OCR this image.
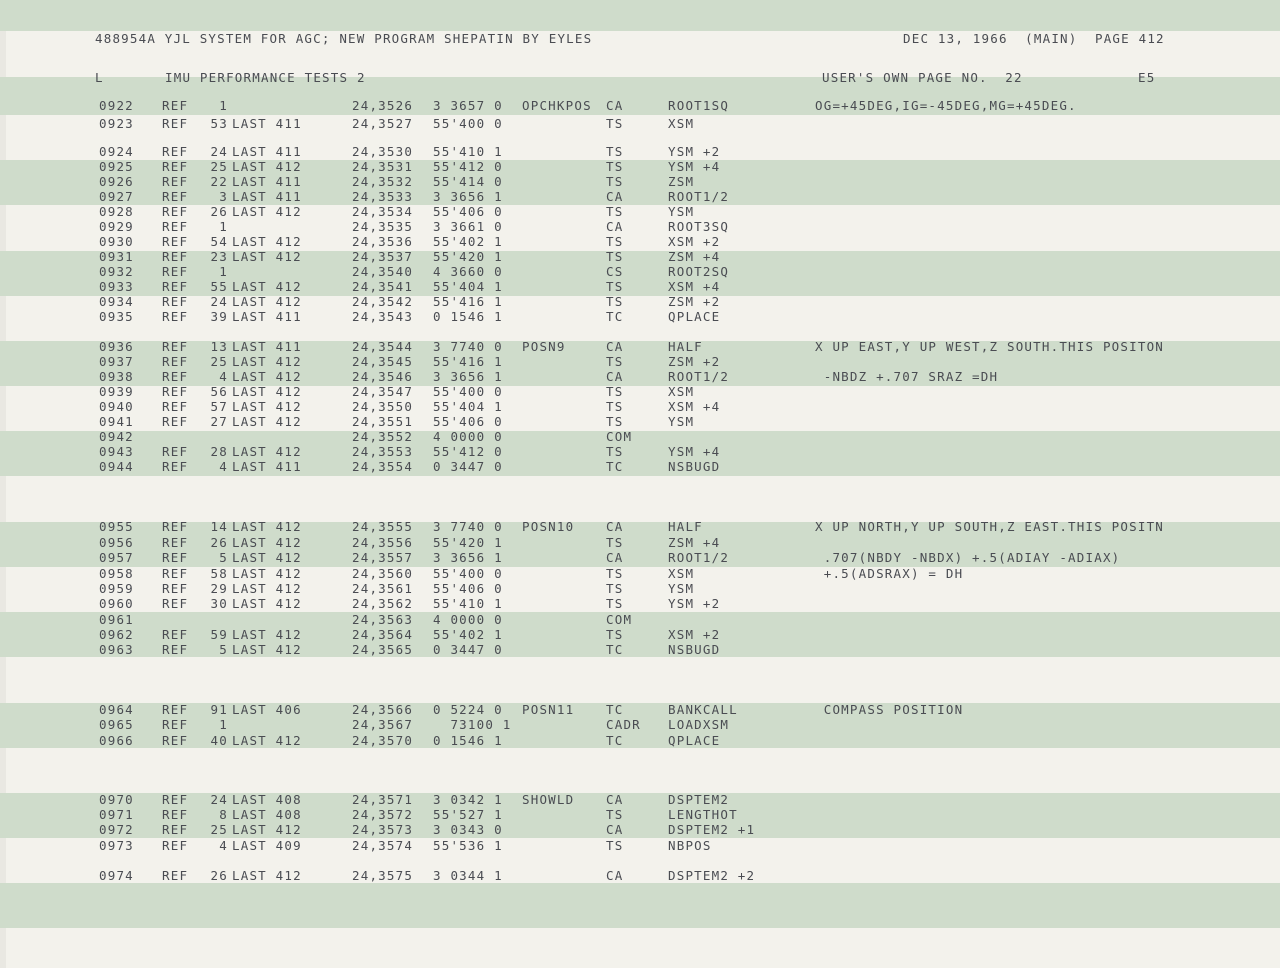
488954A YJL SYSTEM FOR AGC; NEW PROGRAM SHEPATIN BY EYLES	DEC 13, 1966  (MAIN)  PAGE 412
L	IMU PERFORMANCE TESTS 2	USER'S OWN PAGE NO.  22	E5
0922 REF	1	24,3526 3 3657 0 OPCHKPOS CA	ROOT1SQ	OG=+45DEG,IG=-45DEG,MG=+45DEG.
0923 REF	53 LAST 411	24,3527 55'400 0	TS	XSM
0924 REF	24 LAST 411	24,3530 55'410 1	TS	YSM +2
0925 REF	25 LAST 412	24,3531 55'412 0	TS	YSM +4
0926 REF	22 LAST 411	24,3532 55'414 0	TS	ZSM
0927 REF	3 LAST 411	24,3533 3 3656 1	CA	ROOT1/2
0928 REF	26 LAST 412	24,3534 55'406 0	TS	YSM
0929 REF	1	24,3535 3 3661 0	CA	ROOT3SQ
0930 REF	54 LAST 412	24,3536 55'402 1	TS	XSM +2
0931 REF	23 LAST 412	24,3537 55'420 1	TS	ZSM +4
0932 REF	1	24,3540 4 3660 0	CS	ROOT2SQ
0933 REF	55 LAST 412	24,3541 55'404 1	TS	XSM +4
0934 REF	24 LAST 412	24,3542 55'416 1	TS	ZSM +2
0935 REF	39 LAST 411	24,3543 0 1546 1	TC	QPLACE
0936 REF	13 LAST 411	24,3544 3 7740 0 POSN9	CA	HALF	X UP EAST,Y UP WEST,Z SOUTH.THIS POSITON
0937 REF	25 LAST 412	24,3545 55'416 1	TS	ZSM +2
0938 REF	4 LAST 412	24,3546 3 3656 1	CA	ROOT1/2	-NBDZ +.707 SRAZ =DH
0939 REF	56 LAST 412	24,3547 55'400 0	TS	XSM
0940 REF	57 LAST 412	24,3550 55'404 1	TS	XSM +4
0941 REF	27 LAST 412	24,3551 55'406 0	TS	YSM
0942	24,3552 4 0000 0	COM
0943 REF	28 LAST 412	24,3553 55'412 0	TS	YSM +4
0944 REF	4 LAST 411	24,3554 0 3447 0	TC	NSBUGD
0955 REF	14 LAST 412	24,3555 3 7740 0 POSN10	CA	HALF	X UP NORTH,Y UP SOUTH,Z EAST.THIS POSITN
0956 REF	26 LAST 412	24,3556 55'420 1	TS	ZSM +4
0957 REF	5 LAST 412	24,3557 3 3656 1	CA	ROOT1/2	.707(NBDY -NBDX) +.5(ADIAY -ADIAX)
0958 REF	58 LAST 412	24,3560 55'400 0	TS	XSM	+.5(ADSRAX) = DH
0959 REF	29 LAST 412	24,3561 55'406 0	TS	YSM
0960 REF	30 LAST 412	24,3562 55'410 1	TS	YSM +2
0961	24,3563 4 0000 0	COM
0962 REF	59 LAST 412	24,3564 55'402 1	TS	XSM +2
0963 REF	5 LAST 412	24,3565 0 3447 0	TC	NSBUGD
0964 REF	91 LAST 406	24,3566 0 5224 0 POSN11	TC	BANKCALL	COMPASS POSITION
0965 REF	1	24,3567 73100 1	CADR LOADXSM
0966 REF	40 LAST 412	24,3570 0 1546 1	TC	QPLACE
0970 REF	24 LAST 408	24,3571 3 0342 1 SHOWLD	CA	DSPTEM2
0971 REF	8 LAST 408	24,3572 55'527 1	TS	LENGTHOT
0972 REF	25 LAST 412	24,3573 3 0343 0	CA	DSPTEM2 +1
0973 REF	4 LAST 409	24,3574 55'536 1	TS	NBPOS
0974 REF	26 LAST 412	24,3575 3 0344 1	CA	DSPTEM2 +2
